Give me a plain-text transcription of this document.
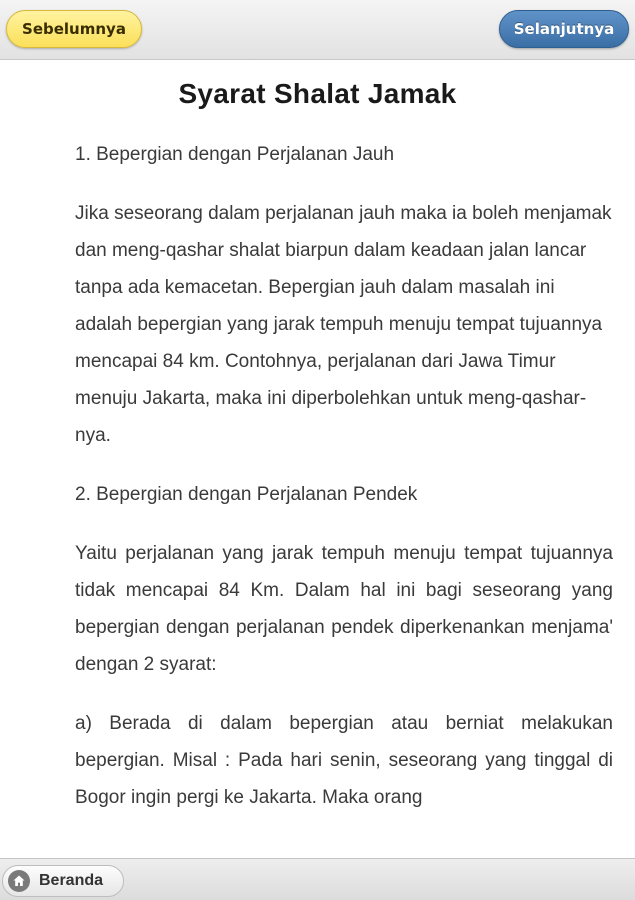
Sebelumnya	Selanjutnya
Syarat Shalat Jamak

1. Bepergian dengan Perjalanan Jauh

Jika seseorang dalam perjalanan jauh maka ia boleh menjamak dan meng-qashar shalat biarpun dalam keadaan jalan lancar tanpa ada kemacetan. Bepergian jauh dalam masalah ini adalah bepergian yang jarak tempuh menuju tempat tujuannya mencapai 84 km. Contohnya, perjalanan dari Jawa Timur menuju Jakarta, maka ini diperbolehkan untuk meng-qashar-nya.

2. Bepergian dengan Perjalanan Pendek

Yaitu perjalanan yang jarak tempuh menuju tempat tujuannya tidak mencapai 84 Km. Dalam hal ini bagi seseorang yang bepergian dengan perjalanan pendek diperkenankan menjama' dengan 2 syarat:

a) Berada di dalam bepergian atau berniat melakukan bepergian. Misal : Pada hari senin, seseorang yang tinggal di Bogor ingin pergi ke Jakarta. Maka orang

Beranda
